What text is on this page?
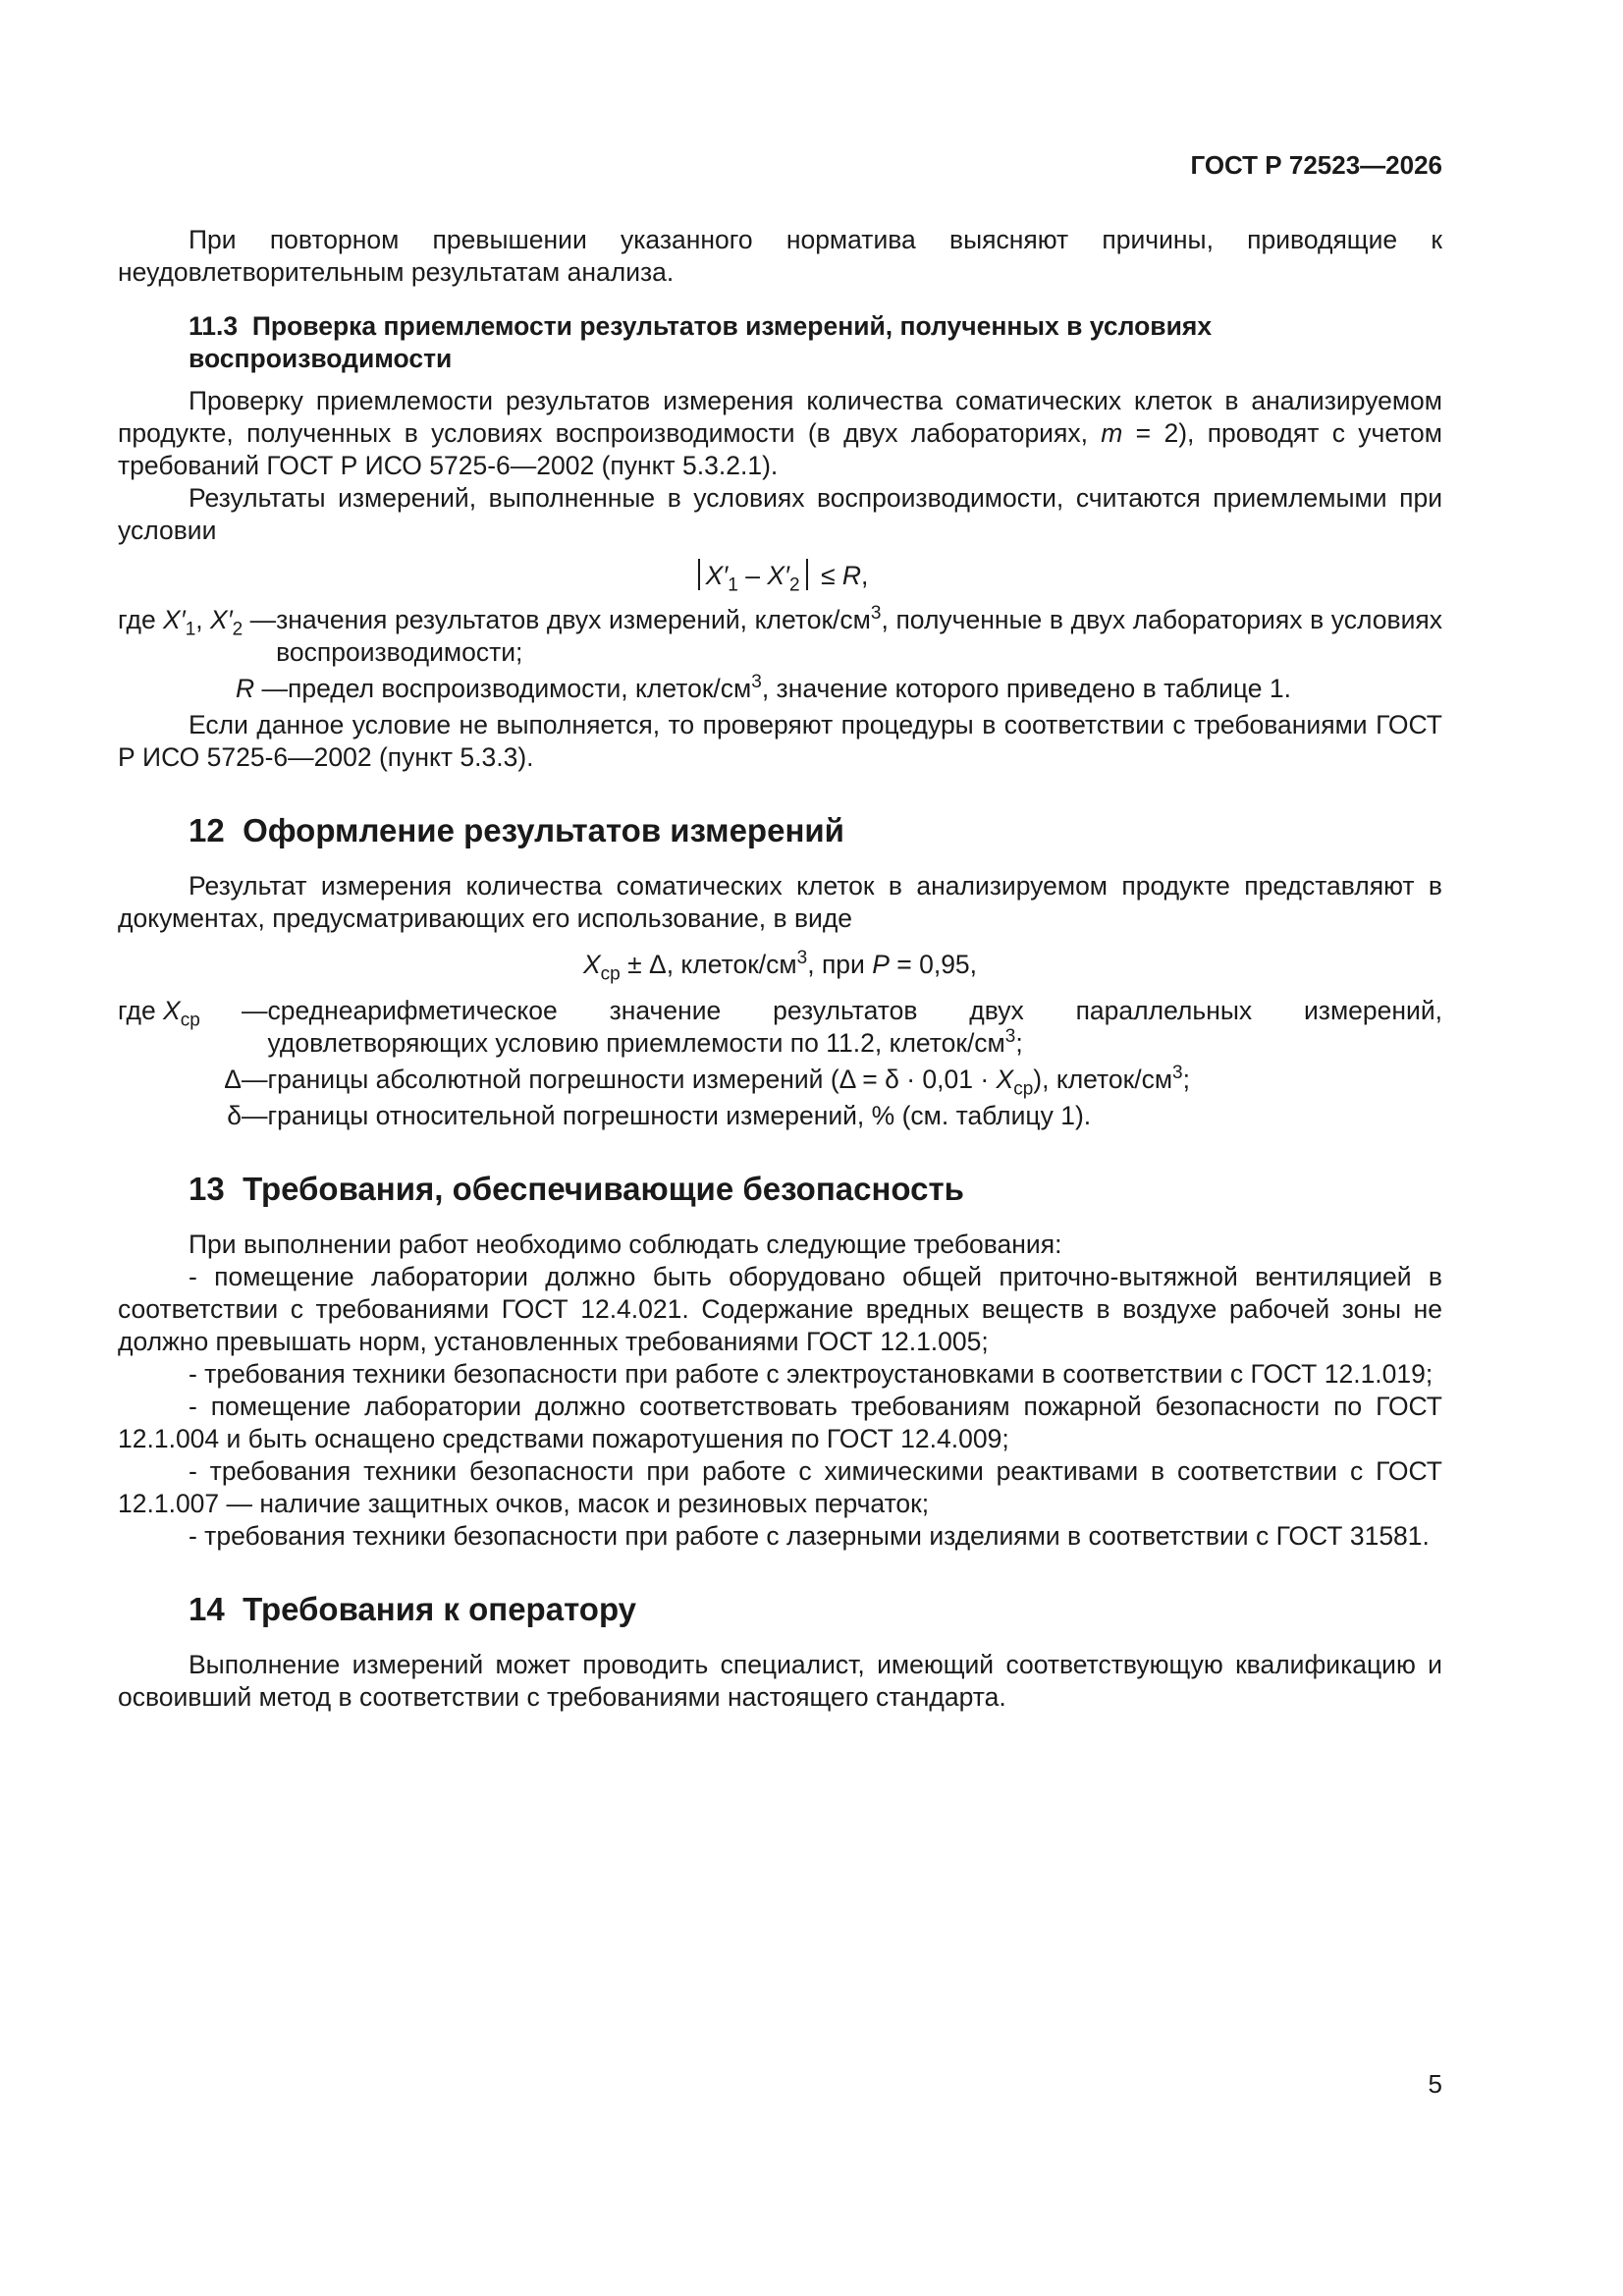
ГОСТ Р 72523—2026

При повторном превышении указанного норматива выясняют причины, приводящие к неудовлетворительным результатам анализа.

11.3 Проверка приемлемости результатов измерений, полученных в условиях
воспроизводимости

Проверку приемлемости результатов измерения количества соматических клеток в анализируемом продукте, полученных в условиях воспроизводимости (в двух лабораториях, m = 2), проводят с учетом требований ГОСТ Р ИСО 5725-6—2002 (пункт 5.3.2.1).

Результаты измерений, выполненные в условиях воспроизводимости, считаются приемлемыми при условии

$X'_1 - X'_2 \le R$,
где $X'_1$, $X'_2$ — значения результатов двух измерений, клеток/$см^3$, полученные в двух лабораториях в условиях воспроизводимости;
R — предел воспроизводимости, клеток/$см^3$, значение которого приведено в таблице 1.

Если данное условие не выполняется, то проверяют процедуры в соответствии с требованиями ГОСТ Р ИСО 5725-6—2002 (пункт 5.3.3).

12 Оформление результатов измерений

Результат измерения количества соматических клеток в анализируемом продукте представляют в документах, предусматривающих его использование, в виде

$X_{ср} \pm \Delta$, клеток/$см^3$, при P = 0,95,
где $X_{ср}$	— среднеарифметическое значение результатов двух параллельных измерений, удовлетворяющих условию приемлемости по 11.2, клеток/$см^3$;
Δ — границы абсолютной погрешности измерений $(\Delta = \delta \cdot 0,01 \cdot X_{ср})$, клеток/$см^3$;
δ — границы относительной погрешности измерений, % (см. таблицу 1).
13 Требования, обеспечивающие безопасность

При выполнении работ необходимо соблюдать следующие требования:

- помещение лаборатории должно быть оборудовано общей приточно-вытяжной вентиляцией в соответствии с требованиями ГОСТ 12.4.021. Содержание вредных веществ в воздухе рабочей зоны не должно превышать норм, установленных требованиями ГОСТ 12.1.005;

- требования техники безопасности при работе с электроустановками в соответствии с ГОСТ 12.1.019;

- помещение лаборатории должно соответствовать требованиям пожарной безопасности по ГОСТ 12.1.004 и быть оснащено средствами пожаротушения по ГОСТ 12.4.009;

- требования техники безопасности при работе с химическими реактивами в соответствии с ГОСТ 12.1.007 — наличие защитных очков, масок и резиновых перчаток;

- требования техники безопасности при работе с лазерными изделиями в соответствии с ГОСТ 31581.

14 Требования к оператору

Выполнение измерений может проводить специалист, имеющий соответствующую квалификацию и освоивший метод в соответствии с требованиями настоящего стандарта.

5
